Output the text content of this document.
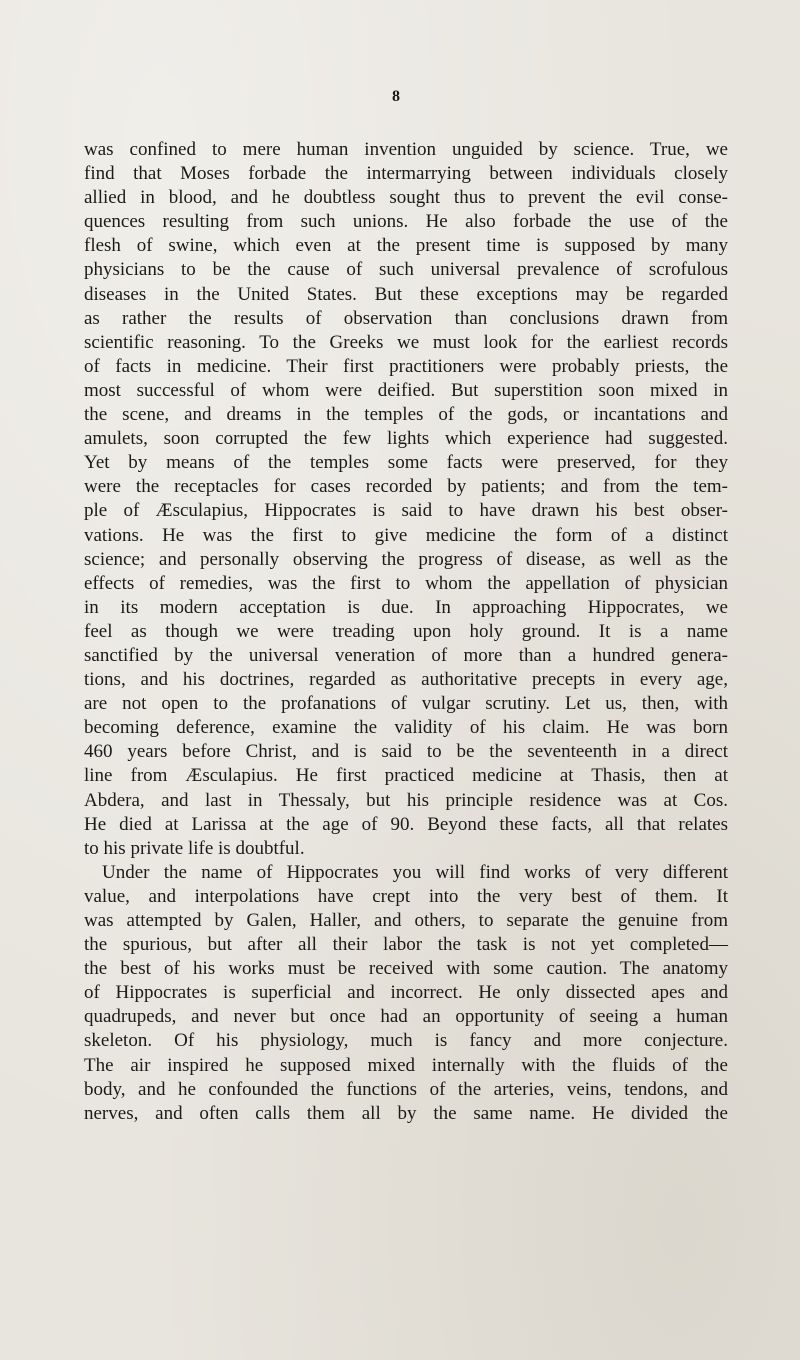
8
was confined to mere human invention unguided by science. True, we
find that Moses forbade the intermarrying between individuals closely
allied in blood, and he doubtless sought thus to prevent the evil conse-
quences resulting from such unions. He also forbade the use of the
flesh of swine, which even at the present time is supposed by many
physicians to be the cause of such universal prevalence of scrofulous
diseases in the United States. But these exceptions may be regarded
as rather the results of observation than conclusions drawn from
scientific reasoning. To the Greeks we must look for the earliest records
of facts in medicine. Their first practitioners were probably priests, the
most successful of whom were deified. But superstition soon mixed in
the scene, and dreams in the temples of the gods, or incantations and
amulets, soon corrupted the few lights which experience had suggested.
Yet by means of the temples some facts were preserved, for they
were the receptacles for cases recorded by patients; and from the tem-
ple of Æsculapius, Hippocrates is said to have drawn his best obser-
vations. He was the first to give medicine the form of a distinct
science; and personally observing the progress of disease, as well as the
effects of remedies, was the first to whom the appellation of physician
in its modern acceptation is due. In approaching Hippocrates, we
feel as though we were treading upon holy ground. It is a name
sanctified by the universal veneration of more than a hundred genera-
tions, and his doctrines, regarded as authoritative precepts in every age,
are not open to the profanations of vulgar scrutiny. Let us, then, with
becoming deference, examine the validity of his claim. He was born
460 years before Christ, and is said to be the seventeenth in a direct
line from Æsculapius. He first practiced medicine at Thasis, then at
Abdera, and last in Thessaly, but his principle residence was at Cos.
He died at Larissa at the age of 90. Beyond these facts, all that relates
to his private life is doubtful.
Under the name of Hippocrates you will find works of very different
value, and interpolations have crept into the very best of them. It
was attempted by Galen, Haller, and others, to separate the genuine from
the spurious, but after all their labor the task is not yet completed—
the best of his works must be received with some caution. The anatomy
of Hippocrates is superficial and incorrect. He only dissected apes and
quadrupeds, and never but once had an opportunity of seeing a human
skeleton. Of his physiology, much is fancy and more conjecture.
The air inspired he supposed mixed internally with the fluids of the
body, and he confounded the functions of the arteries, veins, tendons, and
nerves, and often calls them all by the same name. He divided the
